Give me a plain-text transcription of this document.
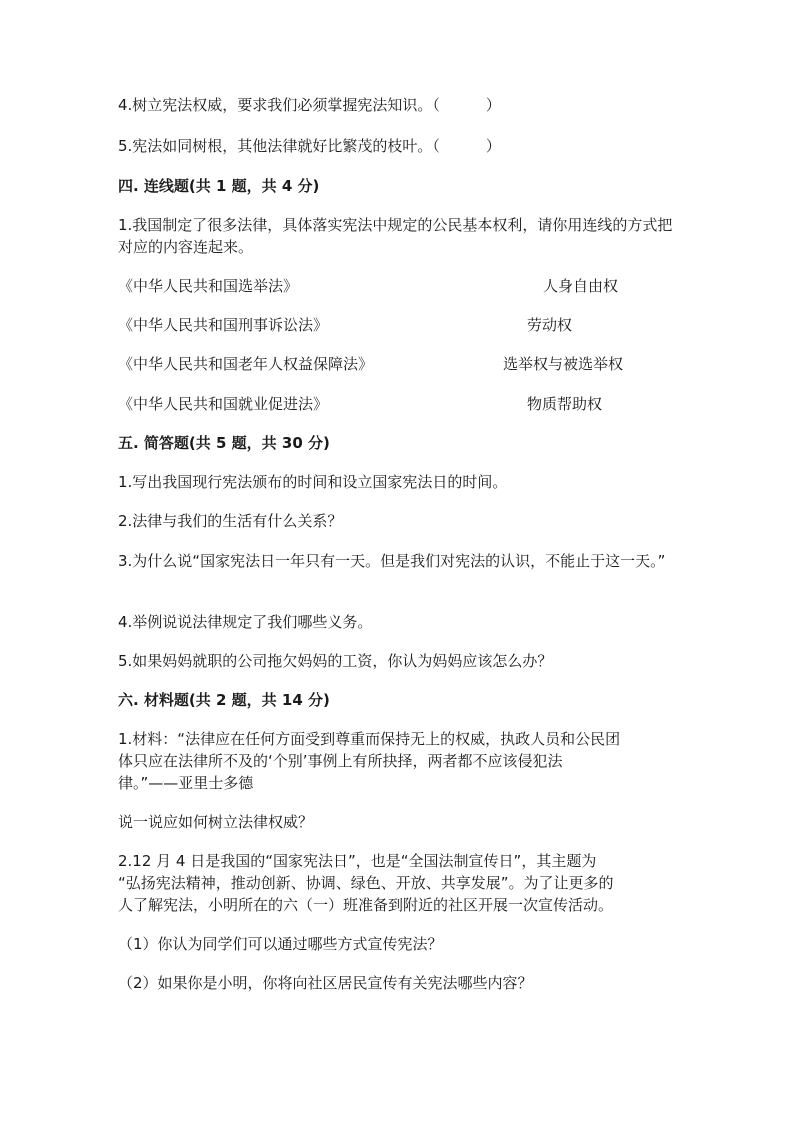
4.树立宪法权威，要求我们必须掌握宪法知识。（	）
5.宪法如同树根，其他法律就好比繁茂的枝叶。（	）
四. 连线题(共 1 题，共 4 分)
1.我国制定了很多法律，具体落实宪法中规定的公民基本权利，请你用连线的方式把对应的内容连起来。
《中华人民共和国选举法》	人身自由权
《中华人民共和国刑事诉讼法》	劳动权
《中华人民共和国老年人权益保障法》	选举权与被选举权
《中华人民共和国就业促进法》	物质帮助权
五. 简答题(共 5 题，共 30 分)
1.写出我国现行宪法颁布的时间和设立国家宪法日的时间。
2.法律与我们的生活有什么关系？
3.为什么说“国家宪法日一年只有一天。但是我们对宪法的认识，不能止于这一天。”
4.举例说说法律规定了我们哪些义务。
5.如果妈妈就职的公司拖欠妈妈的工资，你认为妈妈应该怎么办？
六. 材料题(共 2 题，共 14 分)
1.材料：“法律应在任何方面受到尊重而保持无上的权威，执政人员和公民团
体只应在法律所不及的‘个别’事例上有所抉择，两者都不应该侵犯法
律。”——亚里士多德
说一说应如何树立法律权威？
2.12 月 4 日是我国的“国家宪法日”，也是“全国法制宣传日”，其主题为
“弘扬宪法精神，推动创新、协调、绿色、开放、共享发展”。为了让更多的
人了解宪法，小明所在的六（一）班准备到附近的社区开展一次宣传活动。
（1）你认为同学们可以通过哪些方式宣传宪法？
（2）如果你是小明，你将向社区居民宣传有关宪法哪些内容？
